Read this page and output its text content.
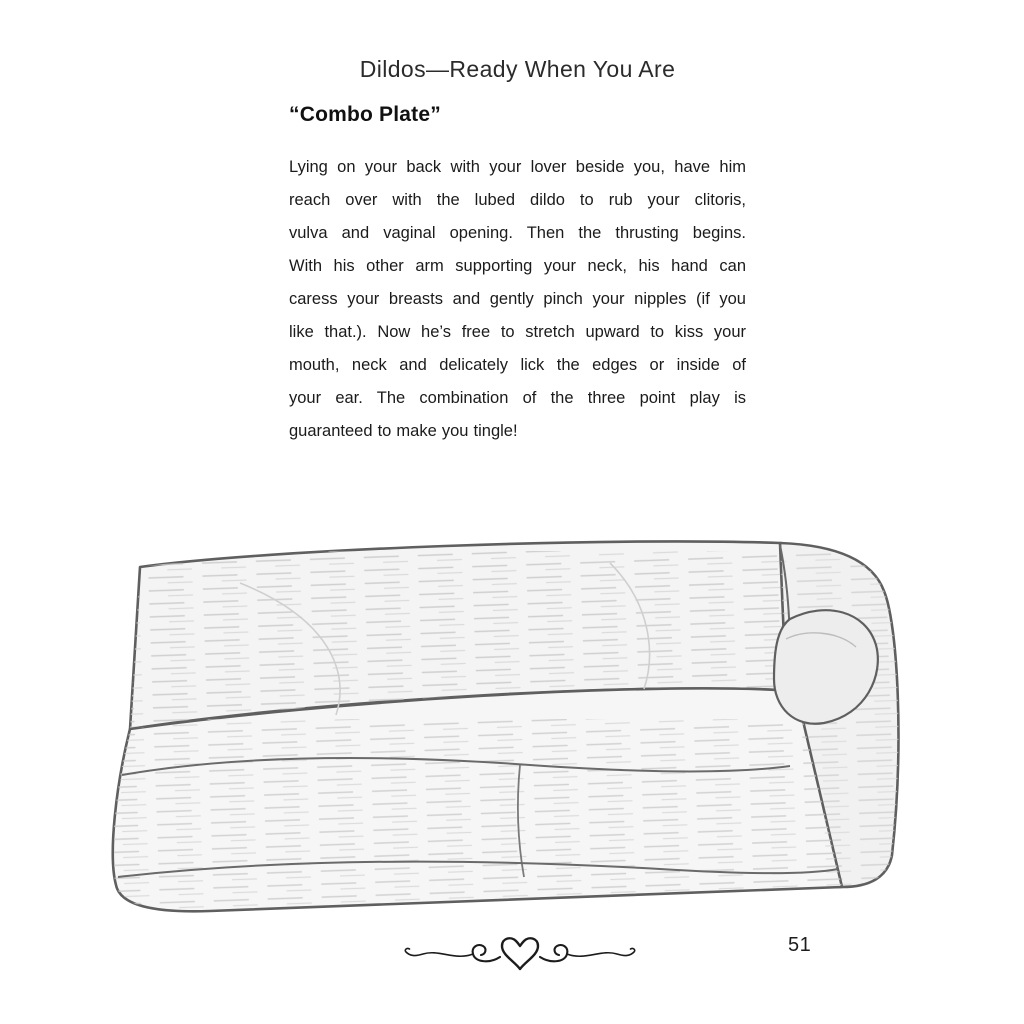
Dildos—Ready When You Are
“Combo Plate”
Lying on your back with your lover beside you, have him
reach over with the lubed dildo to rub your clitoris,
vulva and vaginal opening. Then the thrusting begins.
With his other arm supporting your neck, his hand can
caress your breasts and gently pinch your nipples (if you
like that.). Now he’s free to stretch upward to kiss your
mouth, neck and delicately lick the edges or inside of
your ear. The combination of the three point play is
guaranteed to make you tingle!
51
